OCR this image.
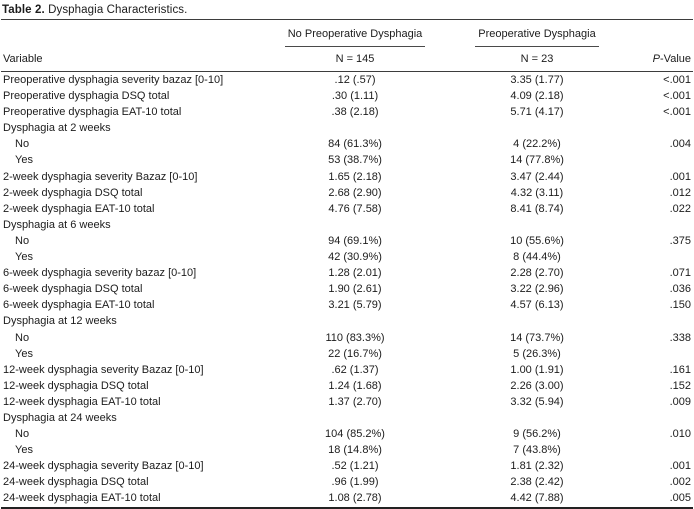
Table 2. Dysphagia Characteristics.
	No Preoperative Dysphagia	Preoperative Dysphagia	
Variable	N = 145	N = 23	P-Value
Preoperative dysphagia severity bazaz [0-10]	.12 (.57)	3.35 (1.77)	<.001
Preoperative dysphagia DSQ total	.30 (1.11)	4.09 (2.18)	<.001
Preoperative dysphagia EAT-10 total	.38 (2.18)	5.71 (4.17)	<.001
Dysphagia at 2 weeks			
No	84 (61.3%)	4 (22.2%)	.004
Yes	53 (38.7%)	14 (77.8%)	
2-week dysphagia severity Bazaz [0-10]	1.65 (2.18)	3.47 (2.44)	.001
2-week dysphagia DSQ total	2.68 (2.90)	4.32 (3.11)	.012
2-week dysphagia EAT-10 total	4.76 (7.58)	8.41 (8.74)	.022
Dysphagia at 6 weeks			
No	94 (69.1%)	10 (55.6%)	.375
Yes	42 (30.9%)	8 (44.4%)	
6-week dysphagia severity bazaz [0-10]	1.28 (2.01)	2.28 (2.70)	.071
6-week dysphagia DSQ total	1.90 (2.61)	3.22 (2.96)	.036
6-week dysphagia EAT-10 total	3.21 (5.79)	4.57 (6.13)	.150
Dysphagia at 12 weeks			
No	110 (83.3%)	14 (73.7%)	.338
Yes	22 (16.7%)	5 (26.3%)	
12-week dysphagia severity Bazaz [0-10]	.62 (1.37)	1.00 (1.91)	.161
12-week dysphagia DSQ total	1.24 (1.68)	2.26 (3.00)	.152
12-week dysphagia EAT-10 total	1.37 (2.70)	3.32 (5.94)	.009
Dysphagia at 24 weeks			
No	104 (85.2%)	9 (56.2%)	.010
Yes	18 (14.8%)	7 (43.8%)	
24-week dysphagia severity Bazaz [0-10]	.52 (1.21)	1.81 (2.32)	.001
24-week dysphagia DSQ total	.96 (1.99)	2.38 (2.42)	.002
24-week dysphagia EAT-10 total	1.08 (2.78)	4.42 (7.88)	.005
